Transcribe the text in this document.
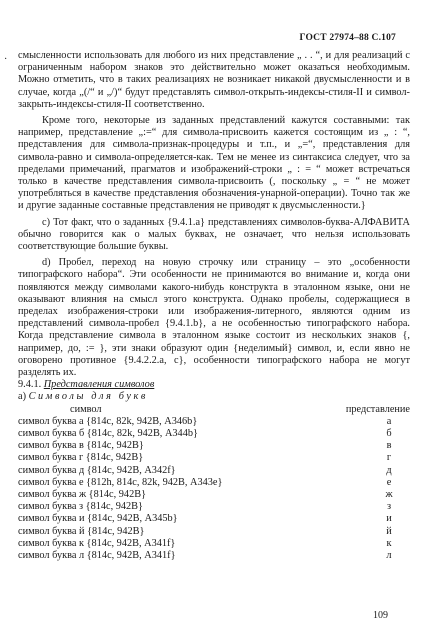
·
ГОСТ 27974–88 С.107

смысленности использовать для любого из них представление „ . . “, и для реализаций с ограниченным набором знаков это действительно может оказаться необходимым. Можно отметить, что в таких реализациях не возникает никакой двусмысленности и в случае, когда „(/“ и „/)“ будут представлять символ-открыть-индексы-стиля-II и символ-закрыть-индексы-стиля-II соответственно.

Кроме того, некоторые из заданных представлений кажутся составными: так например, представление „:=“ для символа-присвоить кажется состоящим из „ : “, представления для символа-признак-процедуры и т.п., и „=“, представления для символа-равно и символа-определяется-как. Тем не менее из синтаксиса следует, что за пределами примечаний, прагматов и изображений-строки „ : = “ может встречаться только в качестве представления символа-присвоить (, поскольку „ = “ не может употребляться в качестве представления обозначения-унарной-операции). Точно так же и другие заданные составные представления не приводят к двусмысленности.}

c) Тот факт, что о заданных {9.4.1.a} представлениях символов-буква-АЛФАВИТА обычно говорится как о малых буквах, не означает, что нельзя использовать соответствующие большие буквы.

d) Пробел, переход на новую строчку или страницу – это „особенности типографского набора“. Эти особенности не принимаются во внимание и, когда они появляются между символами какого-нибудь конструкта в эталонном языке, они не оказывают влияния на смысл этого конструкта. Однако пробелы, содержащиеся в пределах изображения-строки или изображения-литерного, являются одним из представлений символа-пробел {9.4.1.b}, а не особенностью типографского набора. Когда представление символа в эталонном языке состоит из нескольких знаков {, например, до, := }, эти знаки образуют один {неделимый} символ, и, если явно не оговорено противное {9.4.2.2.a, c}, особенности типографского набора не могут разделять их.

9.4.1. Представления символов

a) Символы для букв

символ	представление
символ буква а {814с, 82k, 942В, А346b}	а
символ буква б {814с, 82k, 942В, А344b}	б
символ буква в {814с, 942В}	в
символ буква г {814с, 942В}	г
символ буква д {814с, 942В, А342f}	д
символ буква е {812h, 814с, 82k, 942В, А343е}	е
символ буква ж {814с, 942В}	ж
символ буква з {814с, 942В}	з
символ буква и {814с, 942В, А345b}	и
символ буква й {814с, 942В}	й
символ буква к {814с, 942В, А341f}	к
символ буква л {814с, 942В, А341f}	л
109
